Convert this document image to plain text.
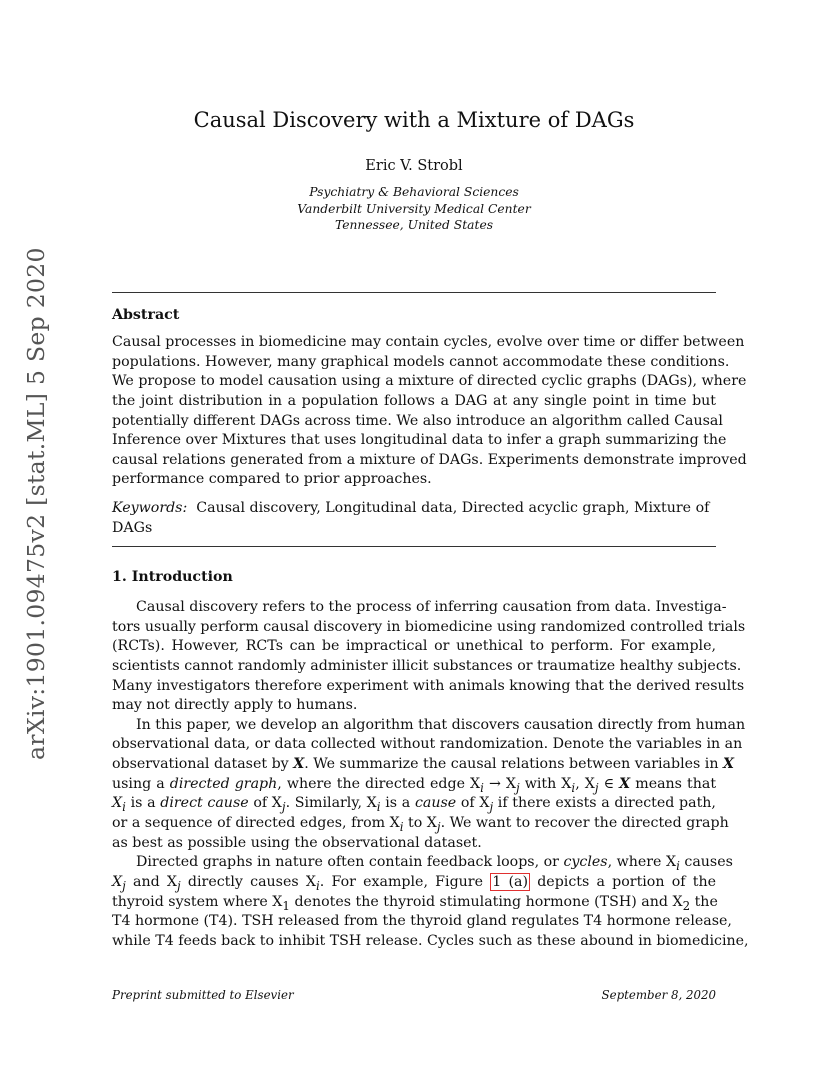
arXiv:1901.09475v2 [stat.ML] 5 Sep 2020
Causal Discovery with a Mixture of DAGs
Eric V. Strobl
Psychiatry & Behavioral Sciences
Vanderbilt University Medical Center
Tennessee, United States
Abstract
Causal processes in biomedicine may contain cycles, evolve over time or differ between
populations. However, many graphical models cannot accommodate these conditions.
We propose to model causation using a mixture of directed cyclic graphs (DAGs), where
the joint distribution in a population follows a DAG at any single point in time but
potentially different DAGs across time. We also introduce an algorithm called Causal
Inference over Mixtures that uses longitudinal data to infer a graph summarizing the
causal relations generated from a mixture of DAGs. Experiments demonstrate improved
performance compared to prior approaches.
Keywords: Causal discovery, Longitudinal data, Directed acyclic graph, Mixture of DAGs
1. Introduction
Causal discovery refers to the process of inferring causation from data. Investiga-
tors usually perform causal discovery in biomedicine using randomized controlled trials
(RCTs). However, RCTs can be impractical or unethical to perform. For example,
scientists cannot randomly administer illicit substances or traumatize healthy subjects.
Many investigators therefore experiment with animals knowing that the derived results
may not directly apply to humans.
In this paper, we develop an algorithm that discovers causation directly from human
observational data, or data collected without randomization. Denote the variables in an
observational dataset by X. We summarize the causal relations between variables in X
using a directed graph, where the directed edge $X_i \to X_j$ with $X_i$, $X_j$ ∈ X means that
$X_i$ is a direct cause of $X_j$. Similarly, $X_i$ is a cause of $X_j$ if there exists a directed path,
or a sequence of directed edges, from $X_i$ to $X_j$. We want to recover the directed graph
as best as possible using the observational dataset.
Directed graphs in nature often contain feedback loops, or cycles, where $X_i$ causes
$X_j$ and $X_j$ directly causes $X_i$. For example, Figure 1 (a) depicts a portion of the
thyroid system where $X_1$ denotes the thyroid stimulating hormone (TSH) and $X_2$ the
T4 hormone (T4). TSH released from the thyroid gland regulates T4 hormone release,
while T4 feeds back to inhibit TSH release. Cycles such as these abound in biomedicine,
Preprint submitted to Elsevier	September 8, 2020
